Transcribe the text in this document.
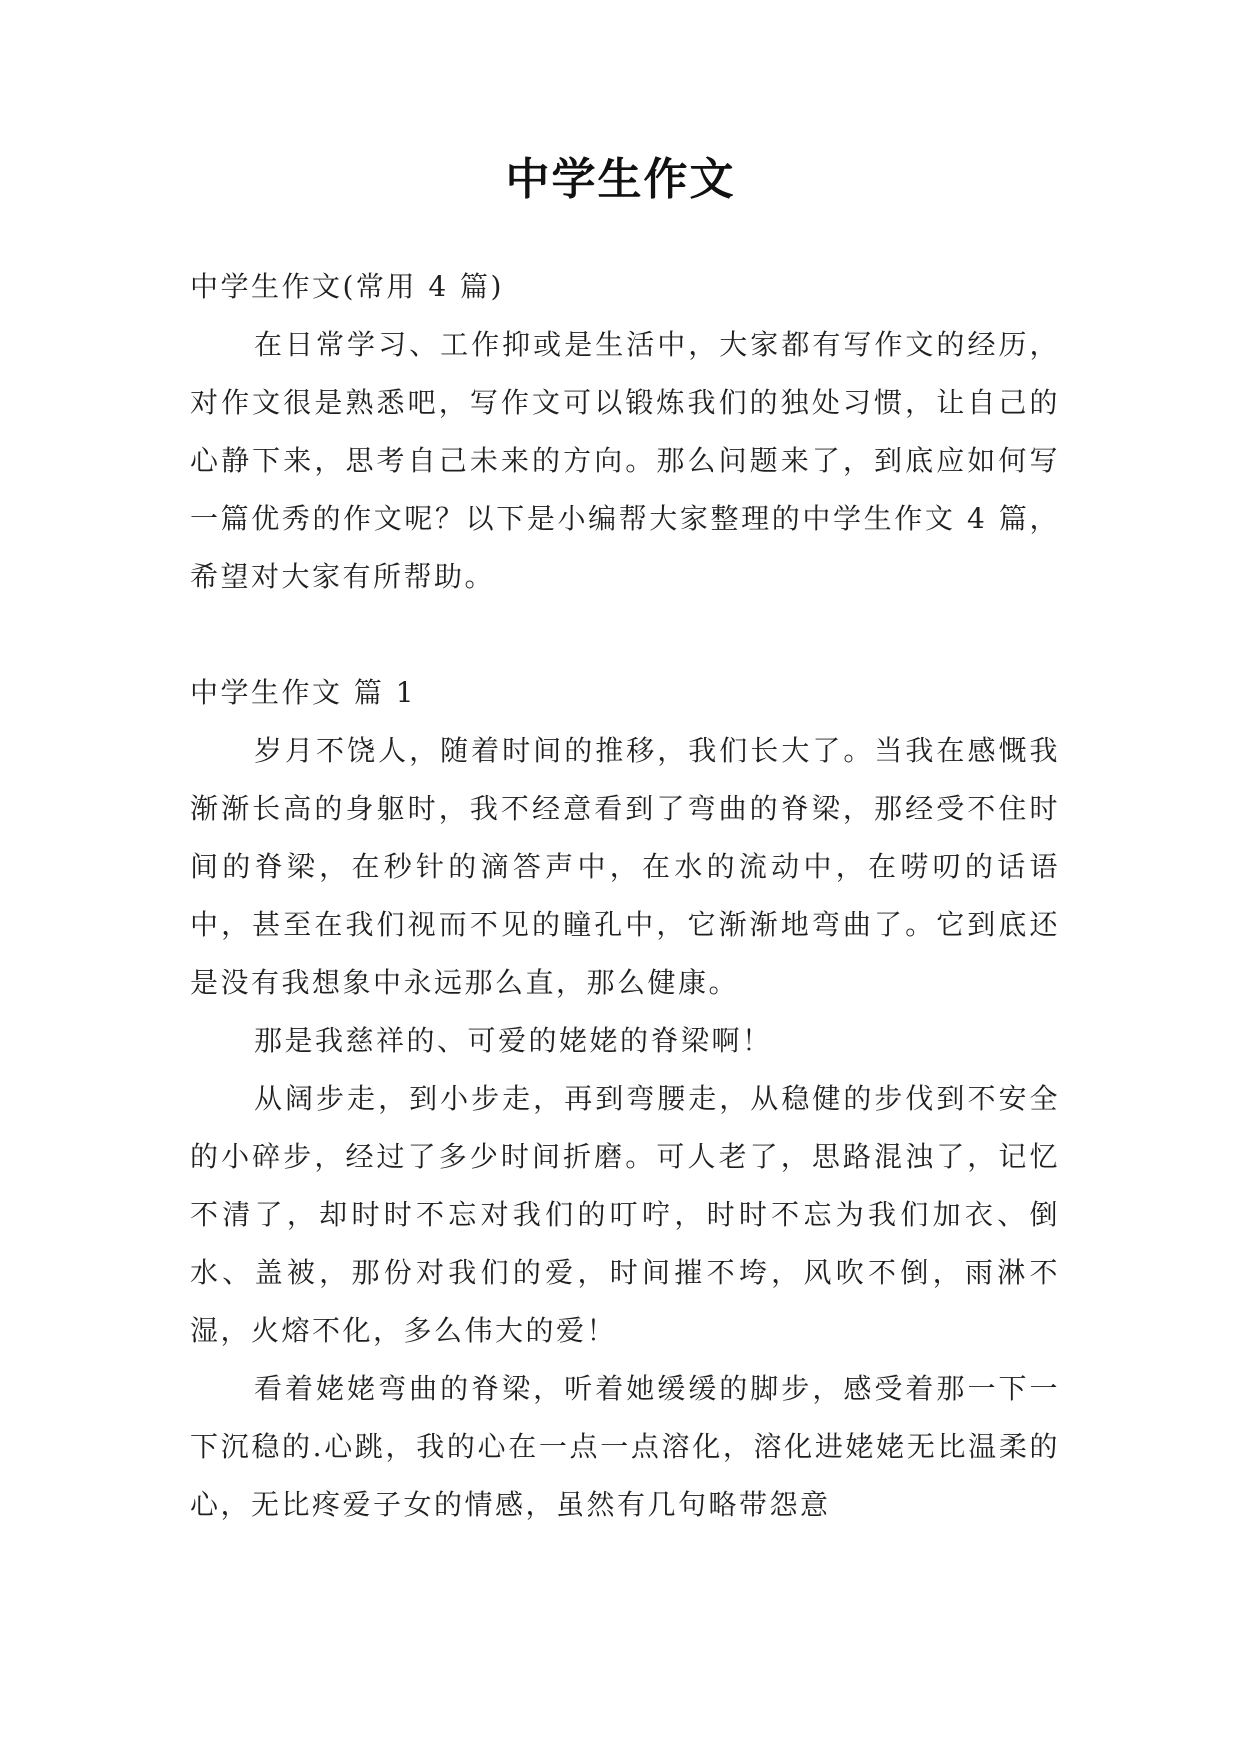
中学生作文

中学生作文(常用 4 篇)

在日常学习、工作抑或是生活中，大家都有写作文的经历，对作文很是熟悉吧，写作文可以锻炼我们的独处习惯，让自己的心静下来，思考自己未来的方向。那么问题来了，到底应如何写一篇优秀的作文呢？以下是小编帮大家整理的中学生作文 4 篇，希望对大家有所帮助。

中学生作文 篇 1

岁月不饶人，随着时间的推移，我们长大了。当我在感慨我渐渐长高的身躯时，我不经意看到了弯曲的脊梁，那经受不住时间的脊梁，在秒针的滴答声中，在水的流动中，在唠叨的话语中，甚至在我们视而不见的瞳孔中，它渐渐地弯曲了。它到底还是没有我想象中永远那么直，那么健康。

那是我慈祥的、可爱的姥姥的脊梁啊！

从阔步走，到小步走，再到弯腰走，从稳健的步伐到不安全的小碎步，经过了多少时间折磨。可人老了，思路混浊了，记忆不清了，却时时不忘对我们的叮咛，时时不忘为我们加衣、倒水、盖被，那份对我们的爱，时间摧不垮，风吹不倒，雨淋不湿，火熔不化，多么伟大的爱！

看着姥姥弯曲的脊梁，听着她缓缓的脚步，感受着那一下一下沉稳的.心跳，我的心在一点一点溶化，溶化进姥姥无比温柔的心，无比疼爱子女的情感，虽然有几句略带怨意
